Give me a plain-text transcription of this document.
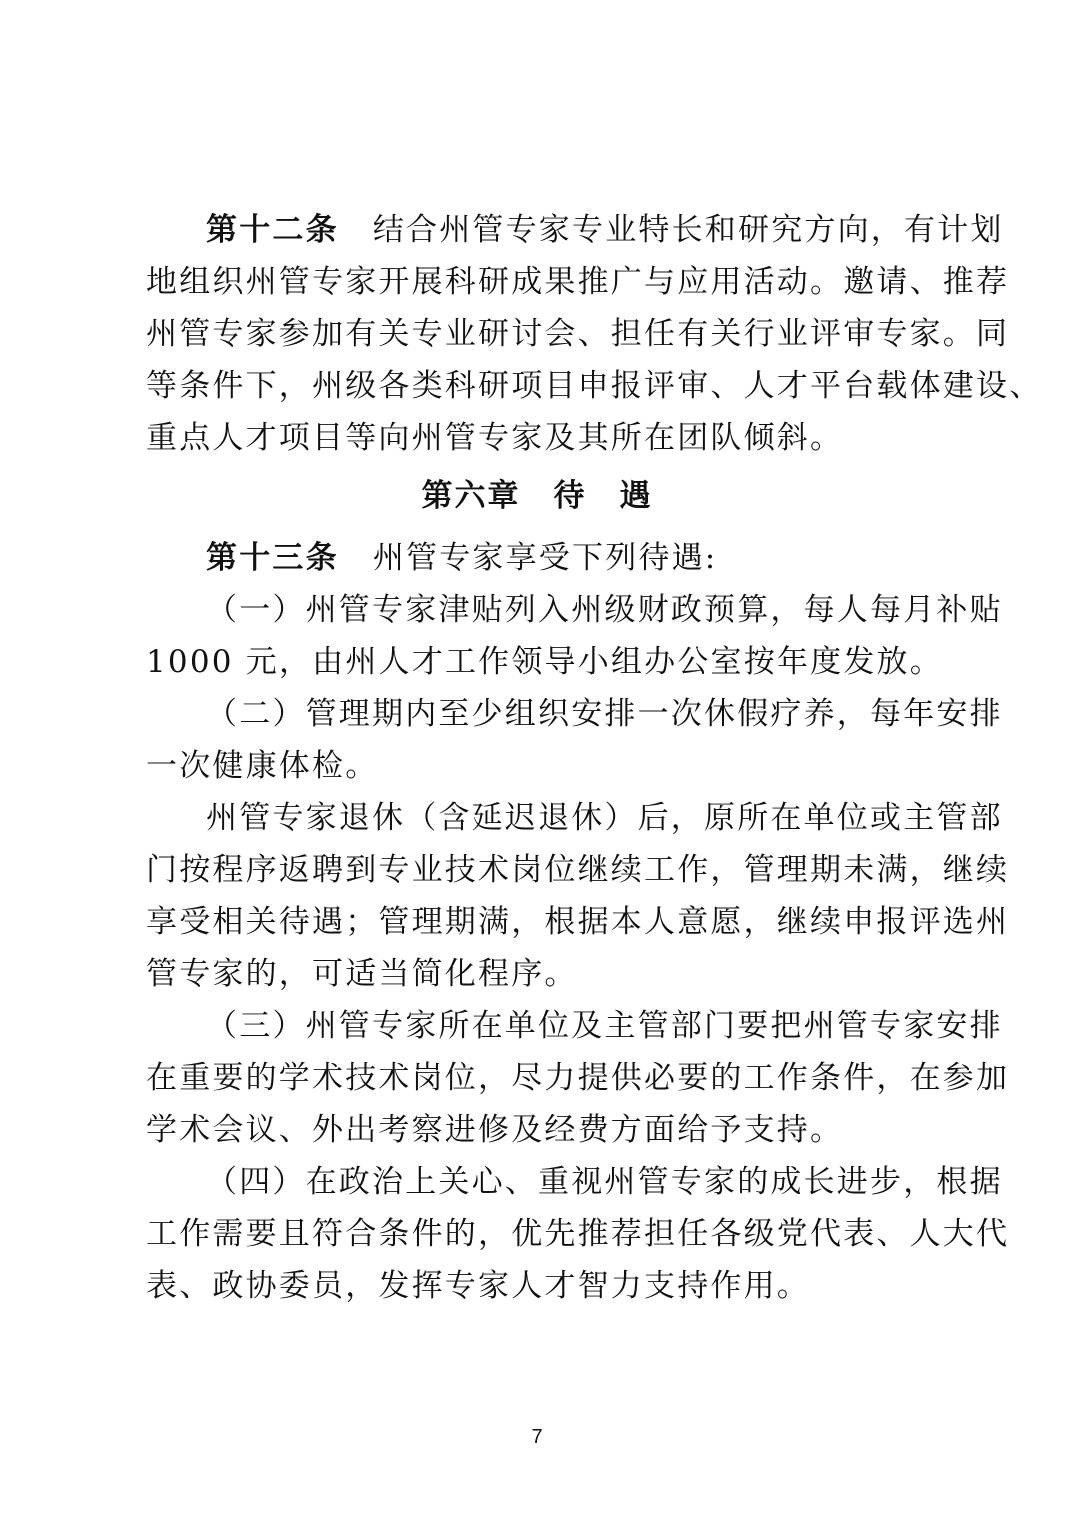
第十二条 结合州管专家专业特长和研究方向，有计划
地组织州管专家开展科研成果推广与应用活动。邀请、推荐
州管专家参加有关专业研讨会、担任有关行业评审专家。同
等条件下，州级各类科研项目申报评审、人才平台载体建设、
重点人才项目等向州管专家及其所在团队倾斜。
第六章　待　遇
第十三条 州管专家享受下列待遇:
（一）州管专家津贴列入州级财政预算，每人每月补贴
1000 元，由州人才工作领导小组办公室按年度发放。
（二）管理期内至少组织安排一次休假疗养，每年安排
一次健康体检。
州管专家退休（含延迟退休）后，原所在单位或主管部
门按程序返聘到专业技术岗位继续工作，管理期未满，继续
享受相关待遇；管理期满，根据本人意愿，继续申报评选州
管专家的，可适当简化程序。
（三）州管专家所在单位及主管部门要把州管专家安排
在重要的学术技术岗位，尽力提供必要的工作条件，在参加
学术会议、外出考察进修及经费方面给予支持。
（四）在政治上关心、重视州管专家的成长进步，根据
工作需要且符合条件的，优先推荐担任各级党代表、人大代
表、政协委员，发挥专家人才智力支持作用。
7
